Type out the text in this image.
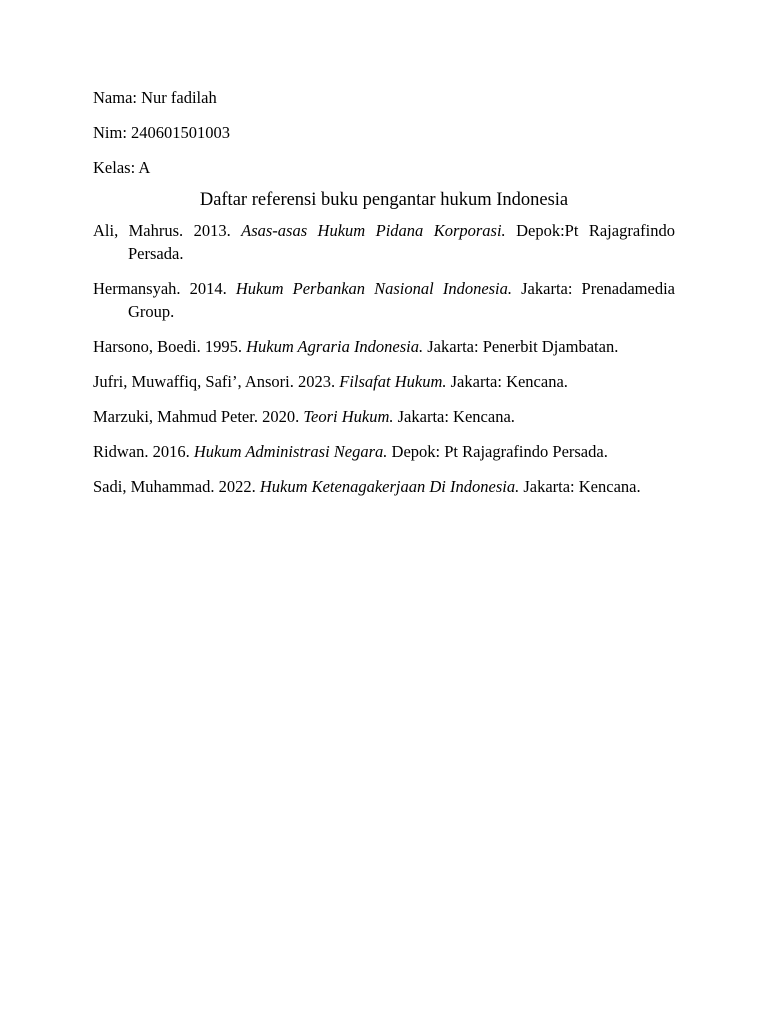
Nama: Nur fadilah

Nim: 240601501003

Kelas: A

Daftar referensi buku pengantar hukum Indonesia

Ali, Mahrus. 2013. Asas-asas Hukum Pidana Korporasi. Depok:Pt Rajagrafindo Persada.

Hermansyah. 2014. Hukum Perbankan Nasional Indonesia. Jakarta: Prenadamedia Group.

Harsono, Boedi. 1995. Hukum Agraria Indonesia. Jakarta: Penerbit Djambatan.

Jufri, Muwaffiq, Safi’, Ansori. 2023. Filsafat Hukum. Jakarta: Kencana.

Marzuki, Mahmud Peter. 2020. Teori Hukum. Jakarta: Kencana.

Ridwan. 2016. Hukum Administrasi Negara. Depok: Pt Rajagrafindo Persada.

Sadi, Muhammad. 2022. Hukum Ketenagakerjaan Di Indonesia. Jakarta: Kencana.
